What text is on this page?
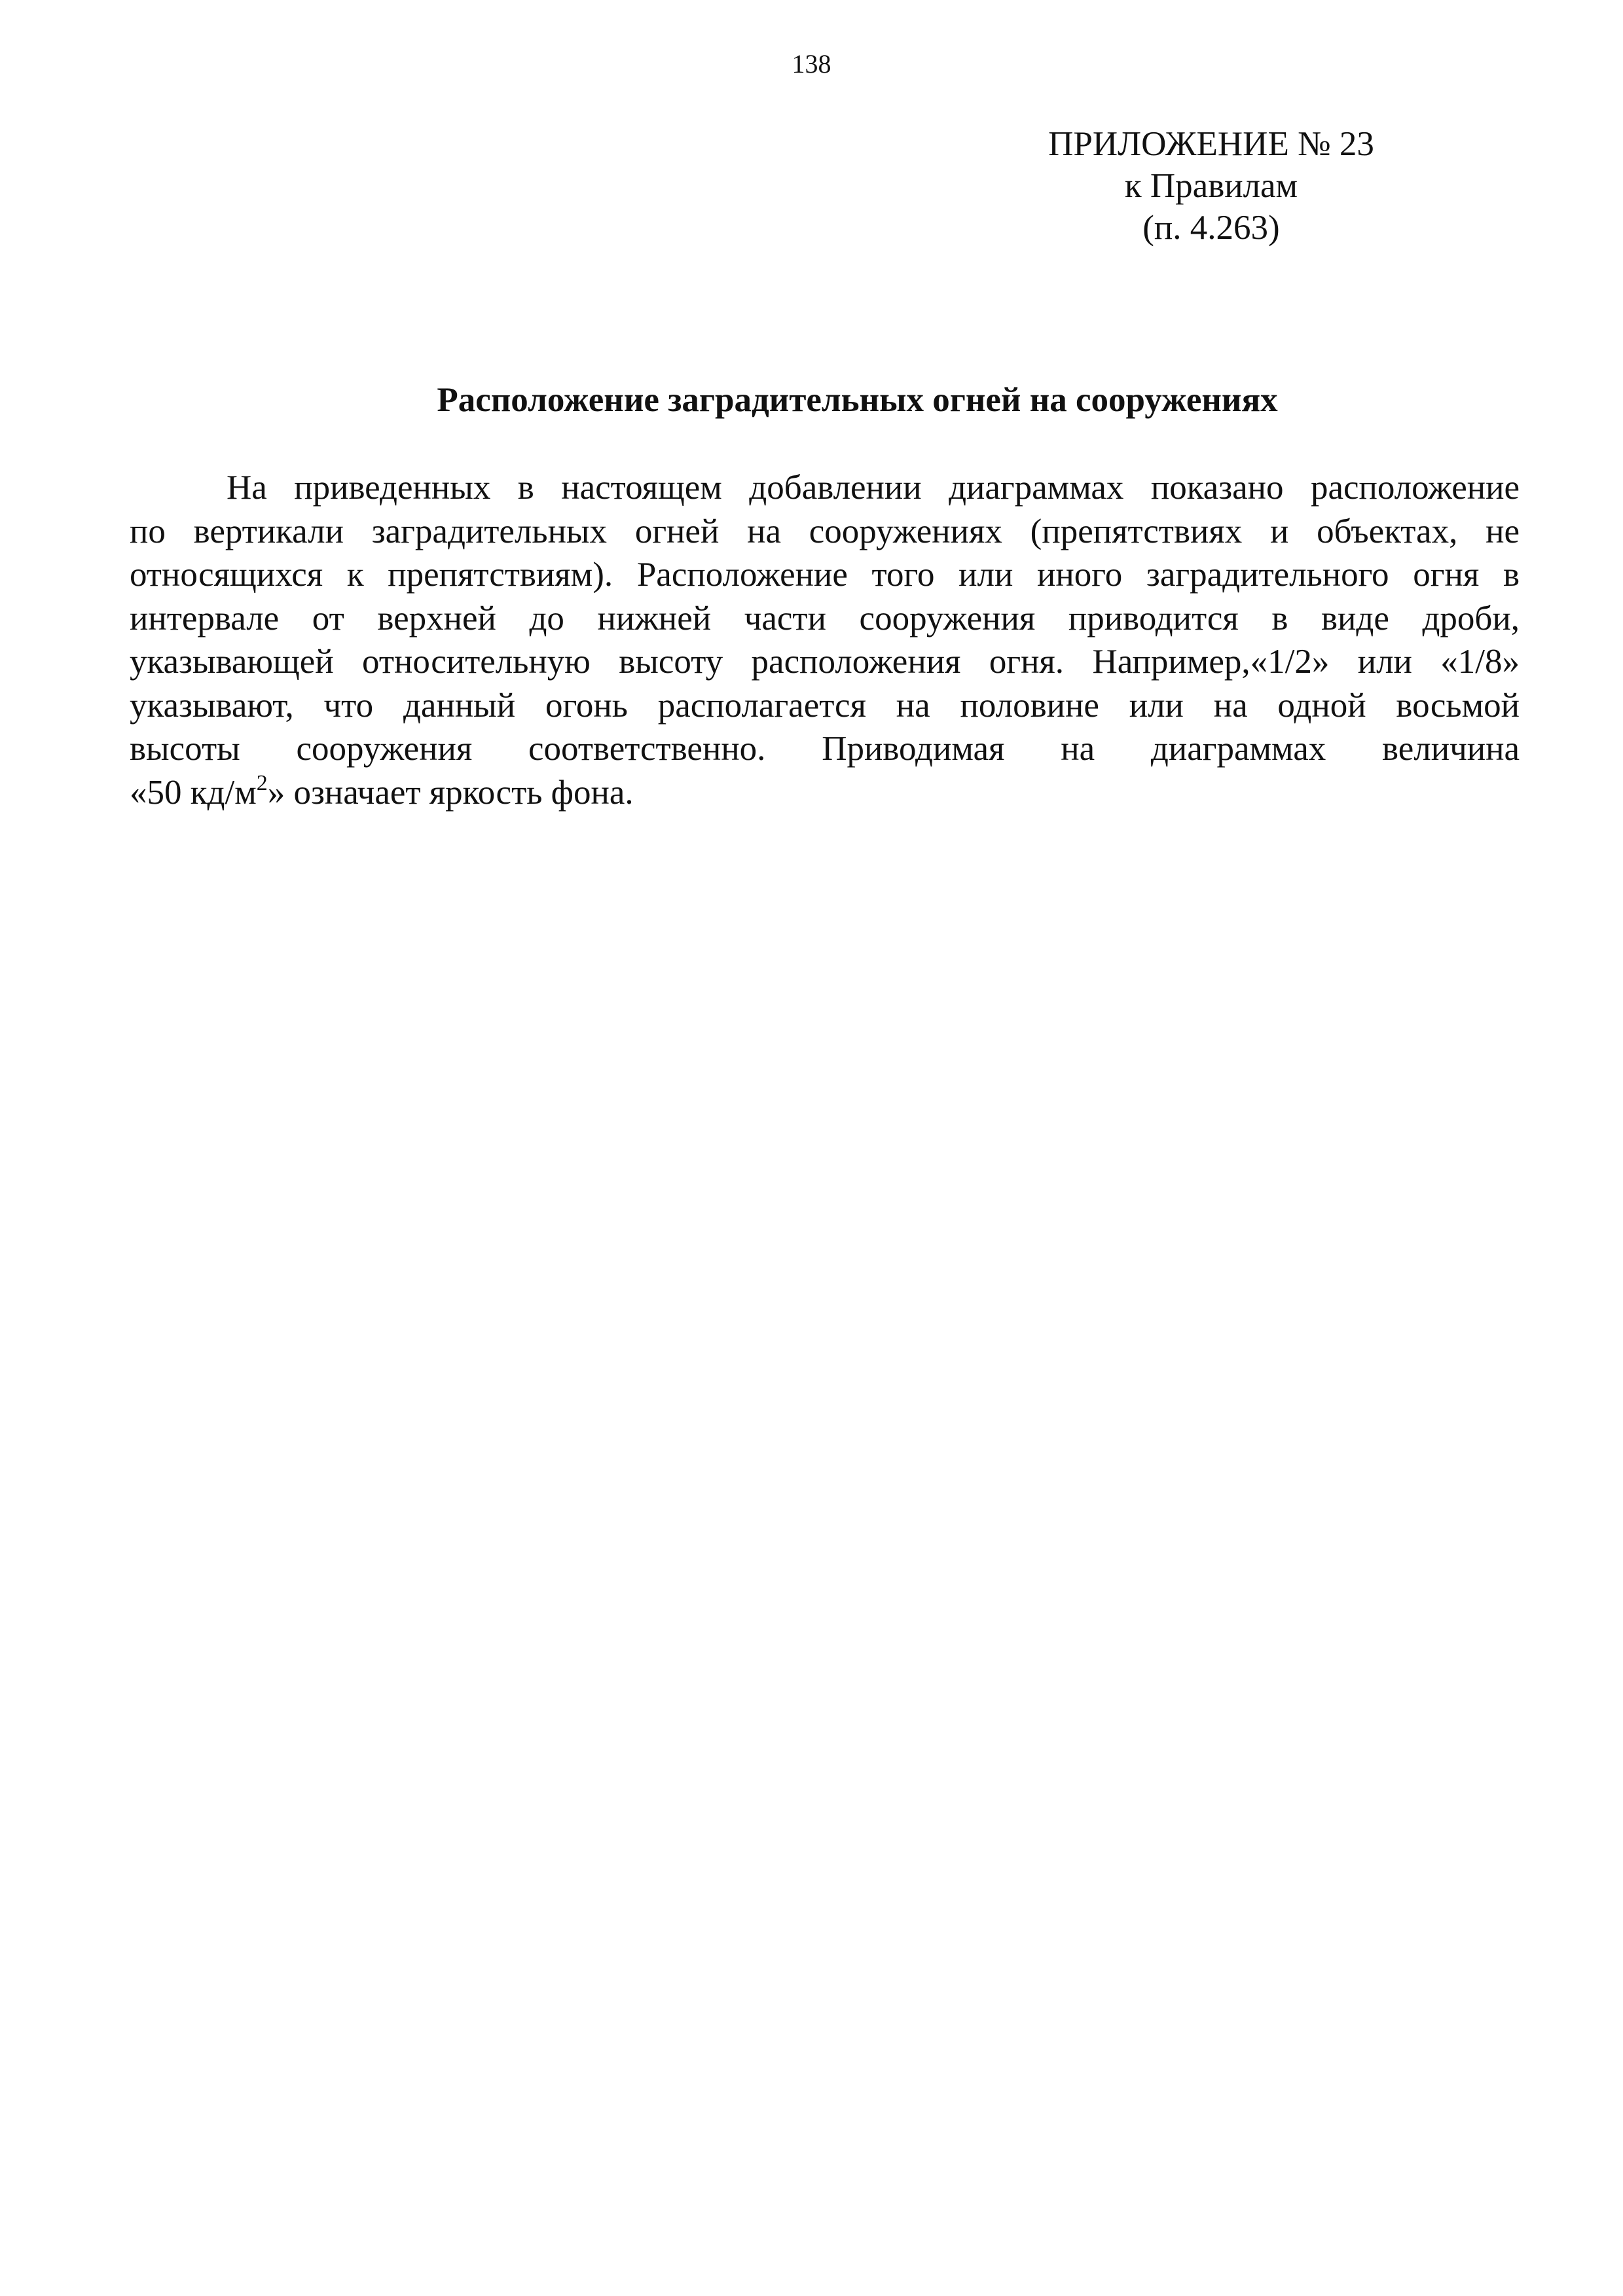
138
ПРИЛОЖЕНИЕ № 23
к Правилам
(п. 4.263)
Расположение заградительных огней на сооружениях
На приведенных в настоящем добавлении диаграммах показано расположение
по вертикали заградительных огней на сооружениях (препятствиях и объектах, не
относящихся к препятствиям). Расположение того или иного заградительного огня в
интервале от верхней до нижней части сооружения приводится в виде дроби,
указывающей относительную высоту расположения огня. Например,«1/2» или «1/8»
указывают, что данный огонь располагается на половине или на одной восьмой
высоты сооружения соответственно. Приводимая на диаграммах величина
«50 $кд/м^2$» означает яркость фона.
